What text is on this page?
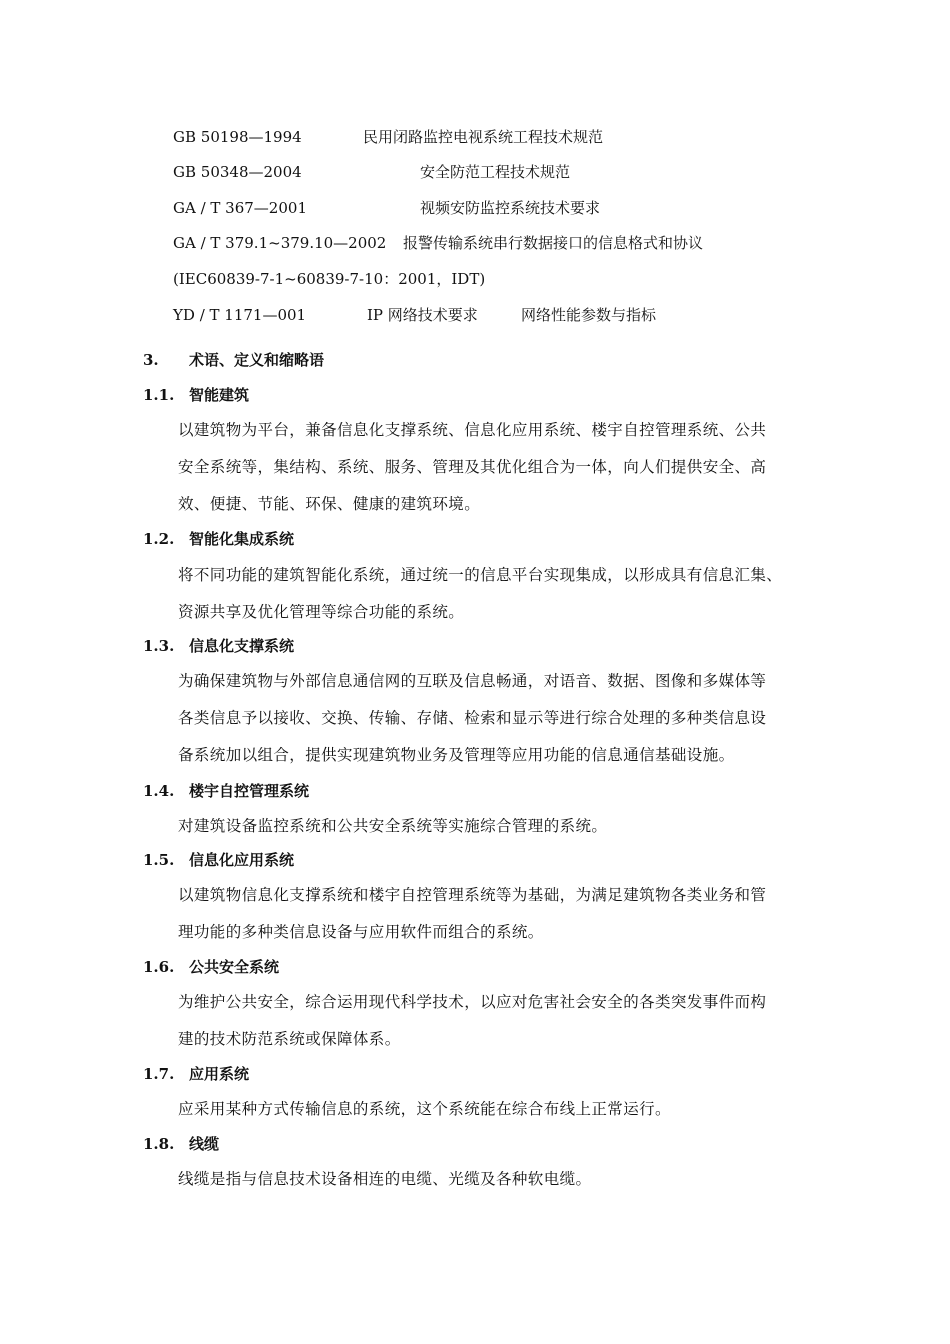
GB 50198—1994	民用闭路监控电视系统工程技术规范
GB 50348—2004	安全防范工程技术规范
GA / T 367—2001	视频安防监控系统技术要求
GA / T 379.1~379.10—2002 报警传输系统串行数据接口的信息格式和协议
(IEC60839-7-1~60839-7-10：2001，IDT)
YD / T 1171—001	IP 网络技术要求	网络性能参数与指标
3. 术语、定义和缩略语
1.1. 智能建筑
以建筑物为平台，兼备信息化支撑系统、信息化应用系统、楼宇自控管理系统、公共
安全系统等，集结构、系统、服务、管理及其优化组合为一体，向人们提供安全、高
效、便捷、节能、环保、健康的建筑环境。
1.2. 智能化集成系统
将不同功能的建筑智能化系统，通过统一的信息平台实现集成，以形成具有信息汇集、
资源共享及优化管理等综合功能的系统。
1.3. 信息化支撑系统
为确保建筑物与外部信息通信网的互联及信息畅通，对语音、数据、图像和多媒体等
各类信息予以接收、交换、传输、存储、检索和显示等进行综合处理的多种类信息设
备系统加以组合，提供实现建筑物业务及管理等应用功能的信息通信基础设施。
1.4. 楼宇自控管理系统
对建筑设备监控系统和公共安全系统等实施综合管理的系统。
1.5. 信息化应用系统
以建筑物信息化支撑系统和楼宇自控管理系统等为基础，为满足建筑物各类业务和管
理功能的多种类信息设备与应用软件而组合的系统。
1.6. 公共安全系统
为维护公共安全，综合运用现代科学技术，以应对危害社会安全的各类突发事件而构
建的技术防范系统或保障体系。
1.7. 应用系统
应采用某种方式传输信息的系统，这个系统能在综合布线上正常运行。
1.8. 线缆
线缆是指与信息技术设备相连的电缆、光缆及各种软电缆。
